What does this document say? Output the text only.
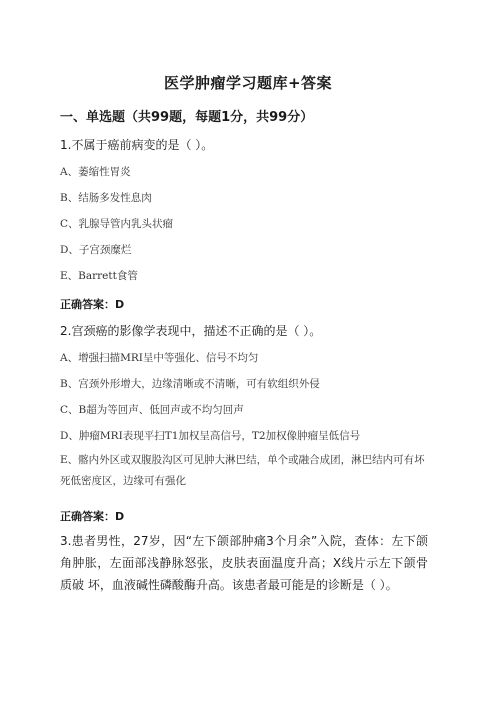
医学肿瘤学习题库+答案
一、单选题（共99题，每题1分，共99分）
1.不属于癌前病变的是（ ）。
A、萎缩性胃炎
B、结肠多发性息肉
C、乳腺导管内乳头状瘤
D、子宫颈糜烂
E、Barrett食管
正确答案：D
2.宫颈癌的影像学表现中，描述不正确的是（ ）。
A、增强扫描MRI呈中等强化、信号不均匀
B、宫颈外形增大，边缘清晰或不清晰，可有软组织外侵
C、B超为等回声、低回声或不均匀回声
D、肿瘤MRI表现平扫T1加权呈高信号，T2加权像肿瘤呈低信号
E、髂内外区或双腹股沟区可见肿大淋巴结，单个或融合成团，淋巴结内可有坏死低密度区，边缘可有强化
正确答案：D
3.患者男性，27岁，因“左下颌部肿痛3个月余”入院，查体：左下颌角肿胀，左面部浅静脉怒张，皮肤表面温度升高；X线片示左下颌骨质破 坏，血液碱性磷酸酶升高。该患者最可能是的诊断是（ ）。
